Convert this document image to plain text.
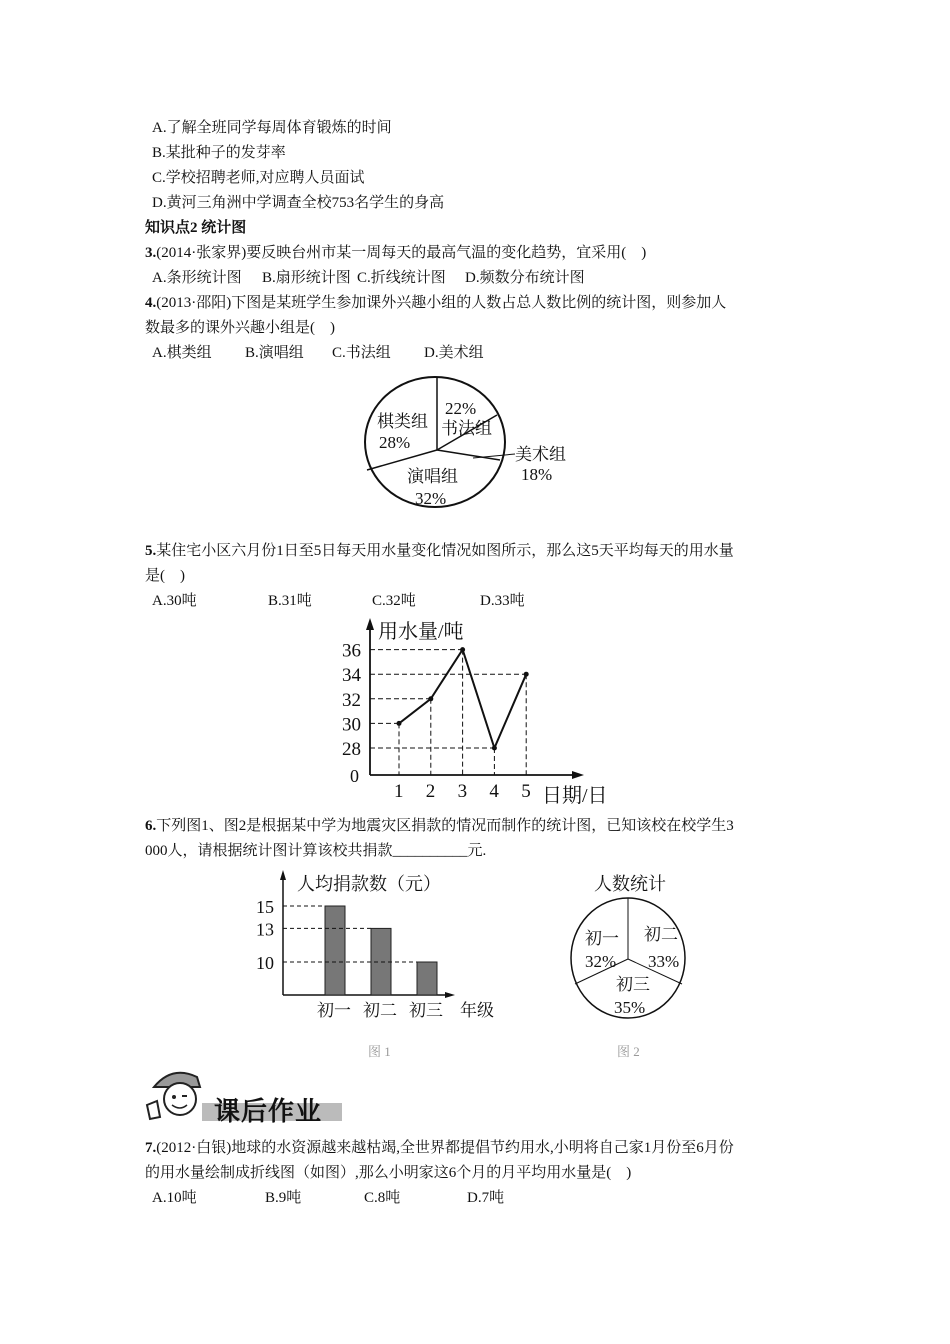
A.了解全班同学每周体育锻炼的时间
B.某批种子的发芽率
C.学校招聘老师,对应聘人员面试
D.黄河三角洲中学调查全校753名学生的身高
知识点2 统计图
3.(2014·张家界)要反映台州市某一周每天的最高气温的变化趋势，宜采用(　)
A.条形统计图 B.扇形统计图 C.折线统计图 D.频数分布统计图
4.(2013·邵阳)下图是某班学生参加课外兴趣小组的人数占总人数比例的统计图，则参加人
数最多的课外兴趣小组是(　)
A.棋类组 B.演唱组 C.书法组 D.美术组
棋类组
28%
22%
书法组
美术组
18%
演唱组
32%
5.某住宅小区六月份1日至5日每天用水量变化情况如图所示，那么这5天平均每天的用水量
是(　)
A.30吨	B.31吨	C.32吨	D.33吨
用水量/吨
日期/日
0
28
30
32
34
36
1 2 3 4 5
6.下列图1、图2是根据某中学为地震灾区捐款的情况而制作的统计图，已知该校在校学生3
000人，请根据统计图计算该校共捐款__________元.
人均捐款数（元）
年级
15
初一
13
初二
10
初三
人数统计
初一
32%
初二
33%
初三
35%
图 1	图 2
课后作业
7.(2012·白银)地球的水资源越来越枯竭,全世界都提倡节约用水,小明将自己家1月份至6月份
的用水量绘制成折线图（如图）,那么小明家这6个月的月平均用水量是(　)
A.10吨	B.9吨	C.8吨	D.7吨
